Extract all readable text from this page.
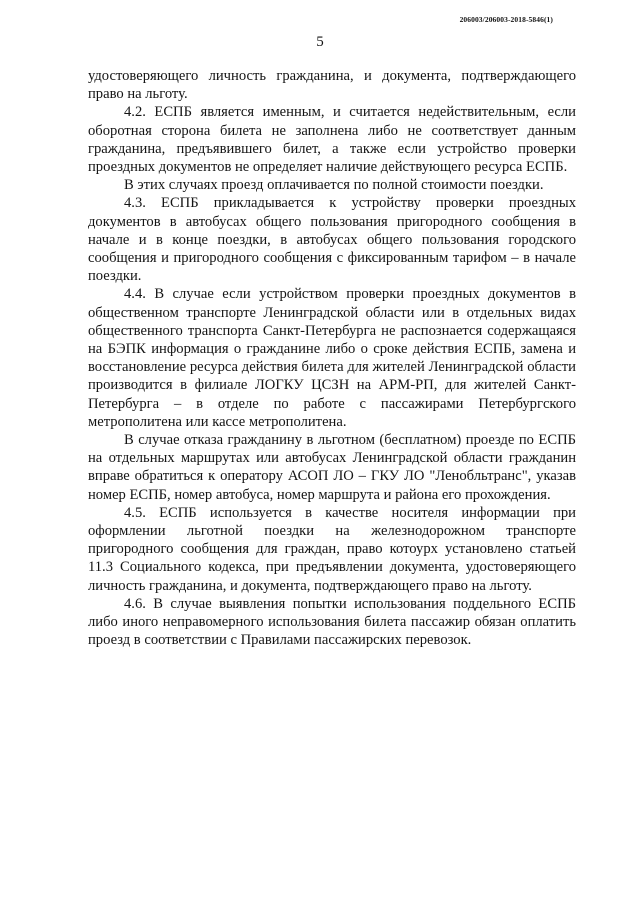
206003/206003-2018-5846(1)
5

удостоверяющего личность гражданина, и документа, подтверждающего право на льготу.

4.2. ЕСПБ является именным, и считается недействительным, если оборотная сторона билета не заполнена либо не соответствует данным гражданина, предъявившего билет, а также если устройство проверки проездных документов не определяет наличие действующего ресурса ЕСПБ.

В этих случаях проезд оплачивается по полной стоимости поездки.

4.3. ЕСПБ прикладывается к устройству проверки проездных документов в автобусах общего пользования пригородного сообщения в начале и в конце поездки, в автобусах общего пользования городского сообщения и пригородного сообщения с фиксированным тарифом – в начале поездки.

4.4. В случае если устройством проверки проездных документов в общественном транспорте Ленинградской области или в отдельных видах общественного транспорта Санкт-Петербурга не распознается содержащаяся на БЭПК информация о гражданине либо о сроке действия ЕСПБ, замена и восстановление ресурса действия билета для жителей Ленинградской области производится в филиале ЛОГКУ ЦСЗН на АРМ-РП, для жителей Санкт-Петербурга – в отделе по работе с пассажирами Петербургского метрополитена или кассе метрополитена.

В случае отказа гражданину в льготном (бесплатном) проезде по ЕСПБ на отдельных маршрутах или автобусах Ленинградской области гражданин вправе обратиться к оператору АСОП ЛО – ГКУ ЛО "Ленобльтранс", указав номер ЕСПБ, номер автобуса, номер маршрута и района его прохождения.

4.5. ЕСПБ используется в качестве носителя информации при оформлении льготной поездки на железнодорожном транспорте пригородного сообщения для граждан, право котоурх установлено статьей 11.3 Социального кодекса, при предъявлении документа, удостоверяющего личность гражданина, и документа, подтверждающего право на льготу.

4.6. В случае выявления попытки использования поддельного ЕСПБ либо иного неправомерного использования билета пассажир обязан оплатить проезд в соответствии с Правилами пассажирских перевозок.
